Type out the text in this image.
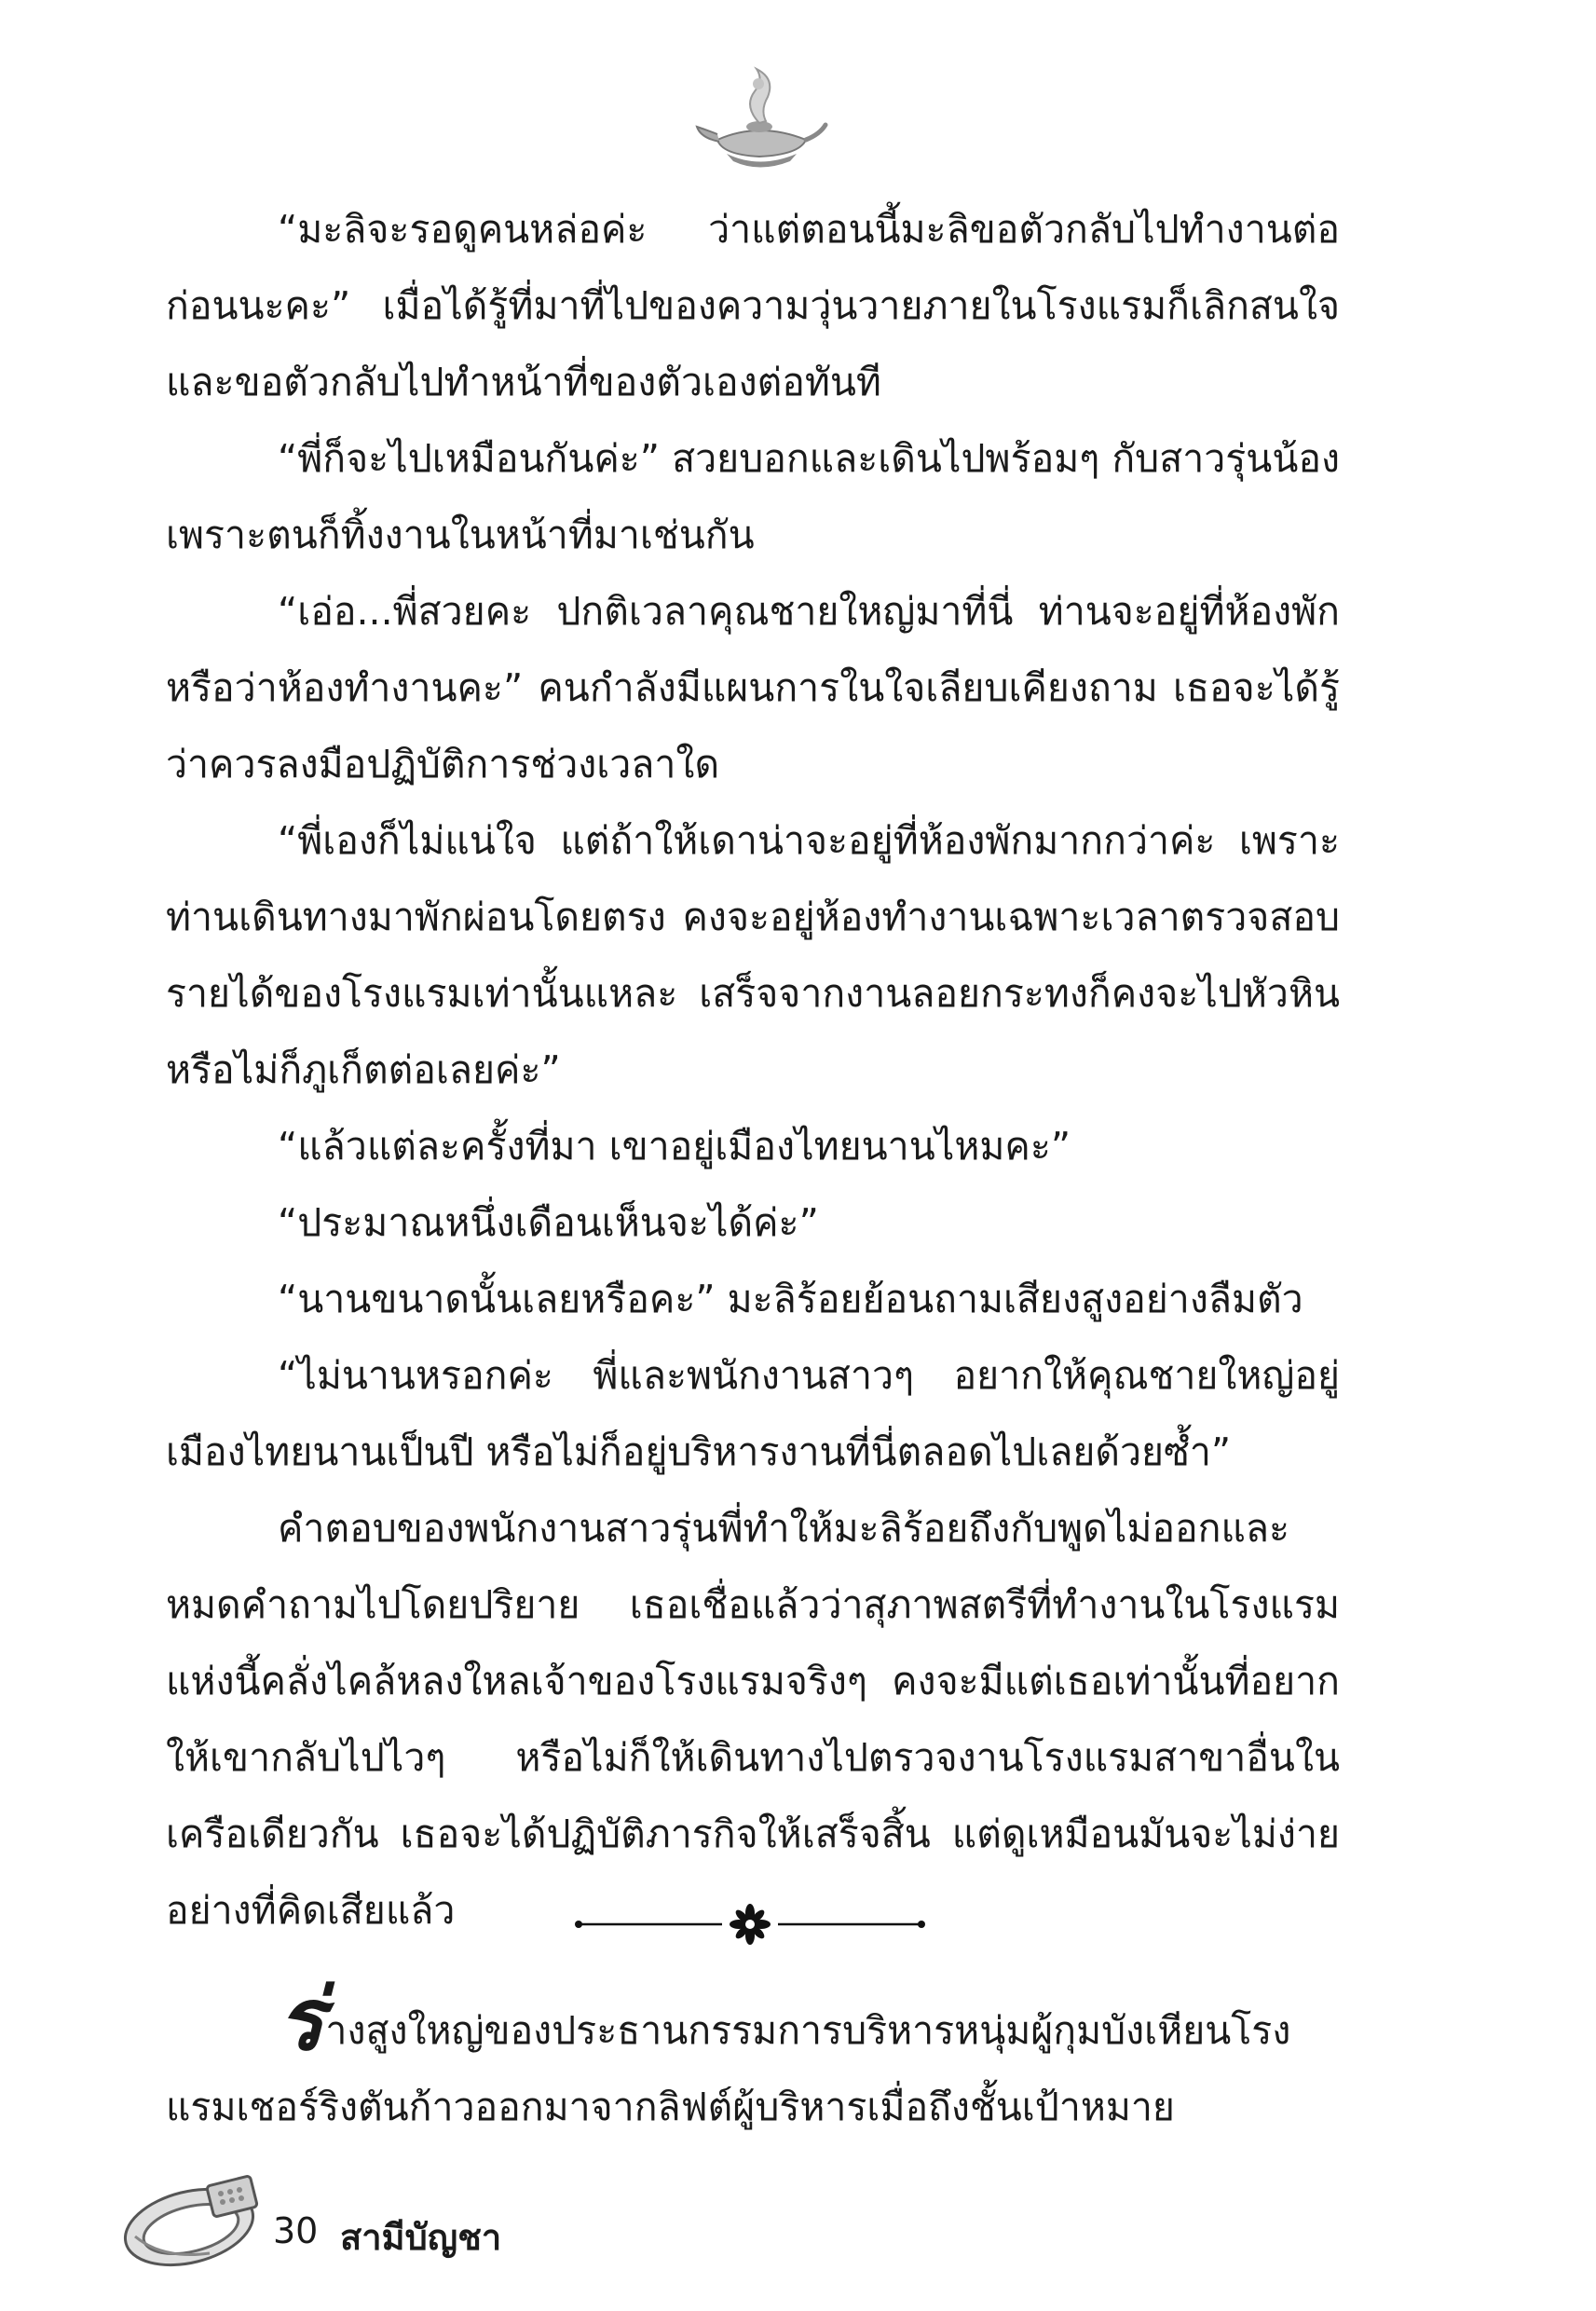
“มะลิจะรอดูคนหล่อค่ะ ว่าแต่ตอนนี้มะลิขอตัวกลับไปทำงานต่อก่อนนะคะ” เมื่อได้รู้ที่มาที่ไปของความวุ่นวายภายในโรงแรมก็เลิกสนใจและขอตัวกลับไปทำหน้าที่ของตัวเองต่อทันที

“พี่ก็จะไปเหมือนกันค่ะ” สวยบอกและเดินไปพร้อมๆ กับสาวรุ่นน้องเพราะตนก็ทิ้งงานในหน้าที่มาเช่นกัน

“เอ่อ...พี่สวยคะ ปกติเวลาคุณชายใหญ่มาที่นี่ ท่านจะอยู่ที่ห้องพักหรือว่าห้องทำงานคะ” คนกำลังมีแผนการในใจเลียบเคียงถาม เธอจะได้รู้ว่าควรลงมือปฏิบัติการช่วงเวลาใด

“พี่เองก็ไม่แน่ใจ แต่ถ้าให้เดาน่าจะอยู่ที่ห้องพักมากกว่าค่ะ เพราะท่านเดินทางมาพักผ่อนโดยตรง คงจะอยู่ห้องทำงานเฉพาะเวลาตรวจสอบรายได้ของโรงแรมเท่านั้นแหละ เสร็จจากงานลอยกระทงก็คงจะไปหัวหินหรือไม่ก็ภูเก็ตต่อเลยค่ะ”

“แล้วแต่ละครั้งที่มา เขาอยู่เมืองไทยนานไหมคะ”

“ประมาณหนึ่งเดือนเห็นจะได้ค่ะ”

“นานขนาดนั้นเลยหรือคะ” มะลิร้อยย้อนถามเสียงสูงอย่างลืมตัว

“ไม่นานหรอกค่ะ พี่และพนักงานสาวๆ อยากให้คุณชายใหญ่อยู่เมืองไทยนานเป็นปี หรือไม่ก็อยู่บริหารงานที่นี่ตลอดไปเลยด้วยซ้ำ”

คำตอบของพนักงานสาวรุ่นพี่ทำให้มะลิร้อยถึงกับพูดไม่ออกและหมดคำถามไปโดยปริยาย เธอเชื่อแล้วว่าสุภาพสตรีที่ทำงานในโรงแรมแห่งนี้คลั่งไคล้หลงใหลเจ้าของโรงแรมจริงๆ คงจะมีแต่เธอเท่านั้นที่อยากให้เขากลับไปไวๆ หรือไม่ก็ให้เดินทางไปตรวจงานโรงแรมสาขาอื่นในเครือเดียวกัน เธอจะได้ปฏิบัติภารกิจให้เสร็จสิ้น แต่ดูเหมือนมันจะไม่ง่ายอย่างที่คิดเสียแล้ว

ร่างสูงใหญ่ของประธานกรรมการบริหารหนุ่มผู้กุมบังเหียนโรงแรมเชอร์ริงตันก้าวออกมาจากลิฟต์ผู้บริหารเมื่อถึงชั้นเป้าหมาย

30 สามีบัญชา
